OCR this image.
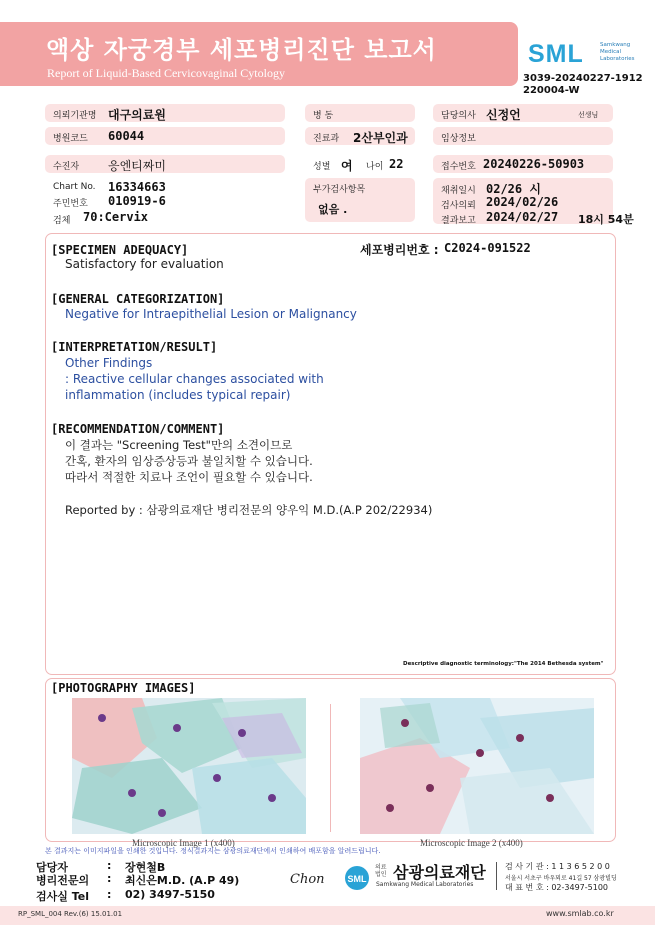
액상 자궁경부 세포병리진단 보고서
Report of Liquid-Based Cervicovaginal Cytology
SML	Samkwang
Medical
Laboratories
3039-20240227-1912
220004-W
의뢰기관명 대구의료원	병 동	담당의사 신정언	선생님
병원코드 60044	진료과 2산부인과	임상정보
수진자 응엔티짜미	성별 여 나이 22	접수번호 20240226-50903
Chart No. 16334663
주민번호 010919-6
검체 70:Cervix
부가검사항목
없음 .
채취일시 02/26 시
검사의뢰 2024/02/26
결과보고 2024/02/27 18시 54분
[SPECIMEN ADEQUACY]
Satisfactory for evaluation
세포병리번호 : C2024-091522
[GENERAL CATEGORIZATION]
Negative for Intraepithelial Lesion or Malignancy
[INTERPRETATION/RESULT]
Other Findings
: Reactive cellular changes associated with
inflammation (includes typical repair)
[RECOMMENDATION/COMMENT]
이 결과는 "Screening Test"만의 소견이므로
간혹, 환자의 임상증상등과 불일치할 수 있습니다.
따라서 적절한 치료나 조언이 필요할 수 있습니다.
Reported by : 삼광의료재단 병리전문의 양우익 M.D.(A.P 202/22934)
Descriptive diagnostic terminology:"The 2014 Bethesda system"
[PHOTOGRAPHY IMAGES]
Microscopic Image 1 (x400)	Microscopic Image 2 (x400)
본 결과지는 이미지파일을 인쇄한 것입니다. 정식결과지는 삼광의료재단에서 인쇄하여 배포함을 알려드립니다.
담당자	: 장현철B
병리전문의 : 최신은M.D. (A.P 49)
검사실 Tel : 02) 3497-5150
Chon	SML
의료 법인 삼광의료재단
Samkwang Medical Laboratories
검 사 기 관 : 1 1 3 6 5 2 0 0
서울시 서초구 바우뫼로 41길 57 삼광빌딩
대 표 번 호 : 02-3497-5100
RP_SML_004 Rev.(6) 15.01.01	www.smlab.co.kr
